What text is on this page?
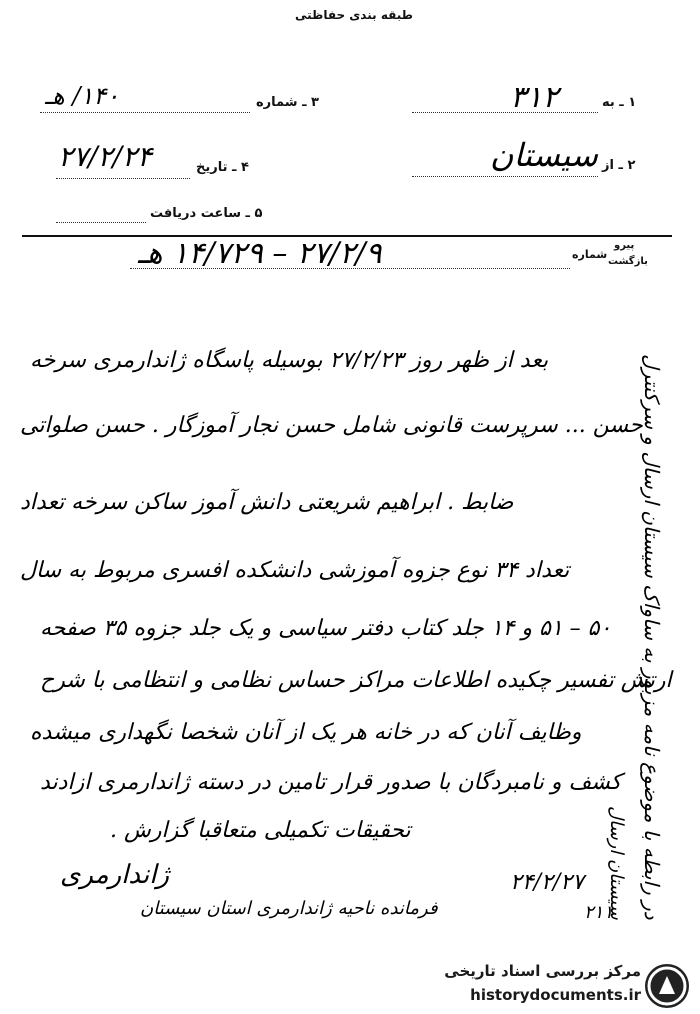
طبقه بندی حفاظتی
۱ ـ به
۳۱۲
۳ ـ شماره
۱۴۰/ هـ
۲ ـ از
سیستان
۴ ـ تاریخ
۲۷/۲/۲۴
۵ ـ ساعت دریافت
پیرو
بازگشت
شماره
۲۷/۲/۹ – ۱۴/۷۲۹ هـ
بعد از ظهر روز ۲۷/۲/۲۳ بوسیله پاسگاه ژاندارمری سرخه
حسن ... سرپرست قانونی شامل حسن نجار آموزگار . حسن صلواتی
ضابط . ابراهیم شریعتی دانش آموز ساکن سرخه تعداد
تعداد ۳۴ نوع جزوه آموزشی دانشکده افسری مربوط به سال
۵۰ – ۵۱ و ۱۴ جلد کتاب دفتر سیاسی و یک جلد جزوه ۳۵ صفحه
ارتش تفسیر چکیده اطلاعات مراکز حساس نظامی و انتظامی با شرح
وظایف آنان که در خانه هر یک از آنان شخصا نگهداری میشده
کشف و نامبردگان با صدور قرار تامین در دسته ژاندارمری ازادند
تحقیقات تکمیلی متعاقبا گزارش .	در رابطه با موضوع نامه مزبور به ساواک سیستان ارسال و سرکنترل
سیستان ارسال
ژاندارمری
فرمانده ناحیه ژاندارمری استان سیستان
۲۴/۲/۲۷
۲۱۱
مرکز بررسی اسناد تاریخی
historydocuments.ir
